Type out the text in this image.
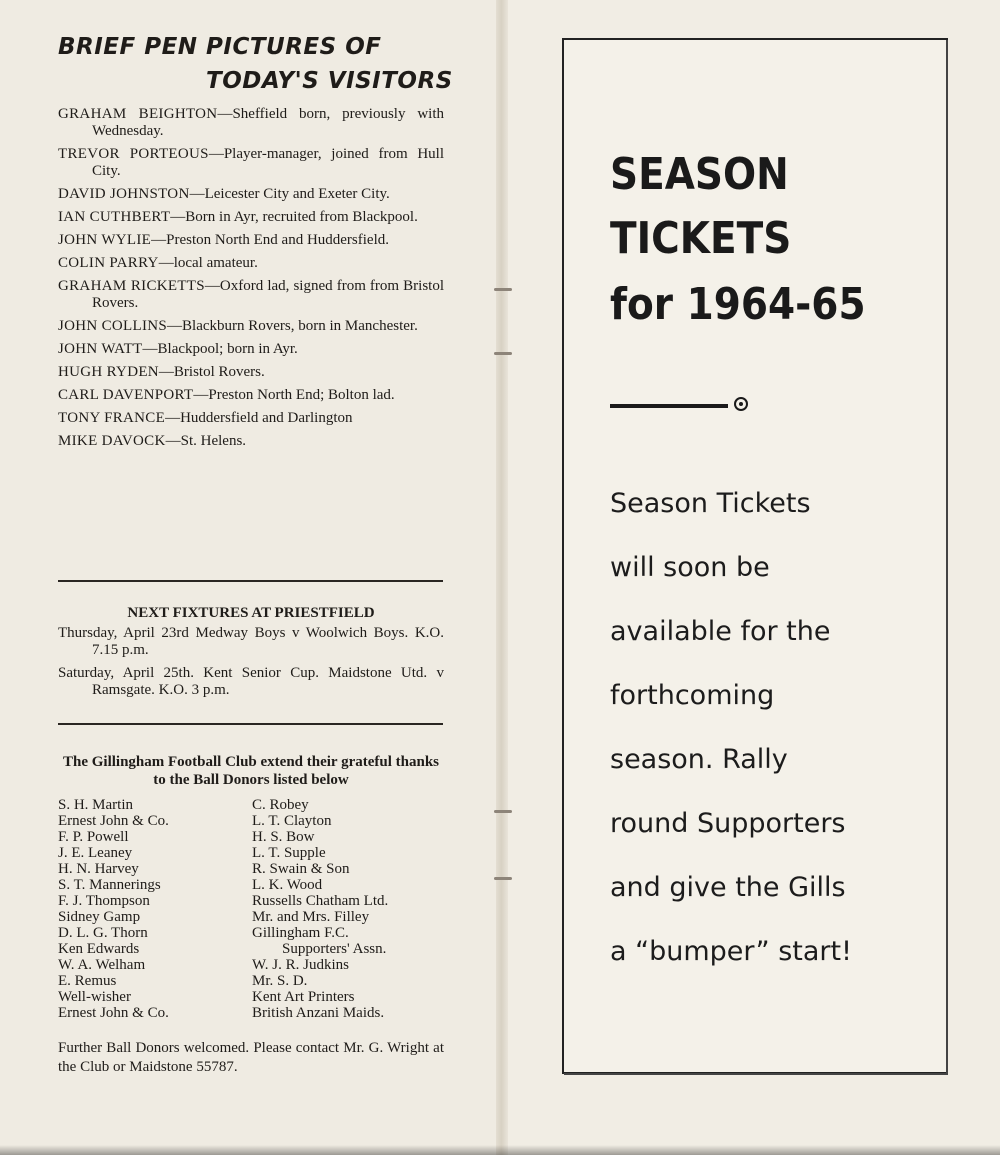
BRIEF PEN PICTURES OF
TODAY'S VISITORS
GRAHAM BEIGHTON—Sheffield born, previously with Wednesday.
TREVOR PORTEOUS—Player-manager, joined from Hull City.
DAVID JOHNSTON—Leicester City and Exeter City.
IAN CUTHBERT—Born in Ayr, recruited from Blackpool.
JOHN WYLIE—Preston North End and Huddersfield.
COLIN PARRY—local amateur.
GRAHAM RICKETTS—Oxford lad, signed from from Bristol Rovers.
JOHN COLLINS—Blackburn Rovers, born in Manchester.
JOHN WATT—Blackpool; born in Ayr.
HUGH RYDEN—Bristol Rovers.
CARL DAVENPORT—Preston North End; Bolton lad.
TONY FRANCE—Huddersfield and Darlington
MIKE DAVOCK—St. Helens.
NEXT FIXTURES AT PRIESTFIELD
Thursday, April 23rd Medway Boys v Woolwich Boys. K.O. 7.15 p.m.
Saturday, April 25th. Kent Senior Cup. Maidstone Utd. v Ramsgate. K.O. 3 p.m.

The Gillingham Football Club extend their grateful thanks to the Ball Donors listed below

S. H. Martin
Ernest John & Co.
F. P. Powell
J. E. Leaney
H. N. Harvey
S. T. Mannerings
F. J. Thompson
Sidney Gamp
D. L. G. Thorn
Ken Edwards
W. A. Welham
E. Remus
Well-wisher
Ernest John & Co.
C. Robey
L. T. Clayton
H. S. Bow
L. T. Supple
R. Swain & Son
L. K. Wood
Russells Chatham Ltd.
Mr. and Mrs. Filley
Gillingham F.C.
Supporters' Assn.
W. J. R. Judkins
Mr. S. D.
Kent Art Printers
British Anzani Maids.

Further Ball Donors welcomed. Please contact Mr. G. Wright at the Club or Maidstone 55787.

SEASON
TICKETS
for 1964-65
Season Tickets
will soon be
available for the
forthcoming
season. Rally
round Supporters
and give the Gills
a “bumper” start!
